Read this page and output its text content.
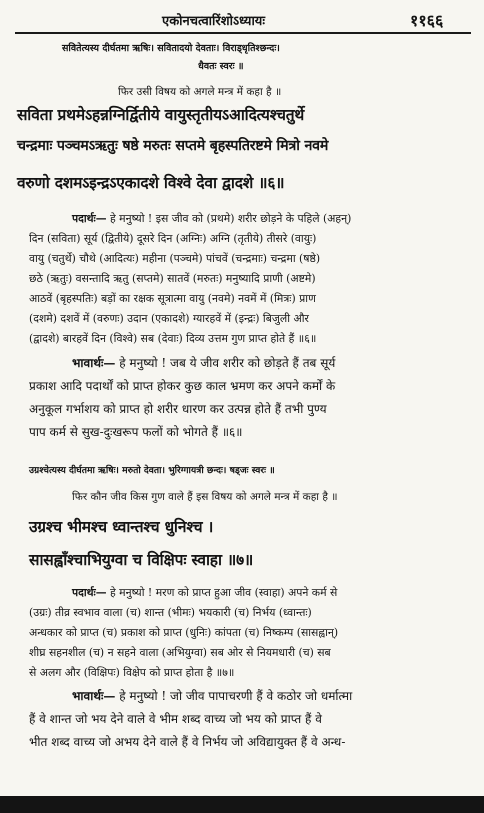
एकोनचत्वारिंशोऽध्यायः	११६६
सवितेत्यस्य दीर्घतमा ऋषिः। सवितादयो देवताः। विराड्धृतिश्छन्दः।
धैवतः स्वरः ॥
फिर उसी विषय को अगले मन्त्र में कहा है ॥
सविता प्रथमेऽहन्नग्निर्द्वितीये वायुस्तृतीयऽआदित्यश्चतुर्थे
चन्द्रमाः पञ्चमऽऋतुः षष्ठे मरुतः सप्तमे बृहस्पतिरष्टमे मित्रो नवमे
वरुणो दशमऽइन्द्रऽएकादशे विश्वे देवा द्वादशे ॥६॥
पदार्थः— हे मनुष्यो ! इस जीव को (प्रथमे) शरीर छोड़ने के पहिले (अहन्)
दिन (सविता) सूर्य (द्वितीये) दूसरे दिन (अग्निः) अग्नि (तृतीये) तीसरे (वायुः)
वायु (चतुर्थे) चौथे (आदित्यः) महीना (पञ्चमे) पांचवें (चन्द्रमाः) चन्द्रमा (षष्ठे)
छठे (ऋतुः) वसन्तादि ऋतु (सप्तमे) सातवें (मरुतः) मनुष्यादि प्राणी (अष्टमे)
आठवें (बृहस्पतिः) बड़ों का रक्षक सूत्रात्मा वायु (नवमे) नवमें में (मित्रः) प्राण
(दशमे) दशवें में (वरुणः) उदान (एकादशे) ग्यारहवें में (इन्द्रः) बिजुली और
(द्वादशे) बारहवें दिन (विश्वे) सब (देवाः) दिव्य उत्तम गुण प्राप्त होते हैं ॥६॥
भावार्थः— हे मनुष्यो ! जब ये जीव शरीर को छोड़ते हैं तब सूर्य
प्रकाश आदि पदार्थों को प्राप्त होकर कुछ काल भ्रमण कर अपने कर्मों के
अनुकूल गर्भाशय को प्राप्त हो शरीर धारण कर उत्पन्न होते हैं तभी पुण्य
पाप कर्म से सुख-दुःखरूप फलों को भोगते हैं ॥६॥
उग्रश्चेत्यस्य दीर्घतमा ऋषिः। मरुतो देवता। भुरिग्गायत्री छन्दः। षड्जः स्वरः ॥
फिर कौन जीव किस गुण वाले हैं इस विषय को अगले मन्त्र में कहा है ॥
उग्रश्च भीमश्च ध्वान्तश्च धुनिश्च ।
सासह्वाँश्चाभियुग्वा च विक्षिपः स्वाहा ॥७॥
पदार्थः— हे मनुष्यो ! मरण को प्राप्त हुआ जीव (स्वाहा) अपने कर्म से
(उग्रः) तीव्र स्वभाव वाला (च) शान्त (भीमः) भयकारी (च) निर्भय (ध्वान्तः)
अन्धकार को प्राप्त (च) प्रकाश को प्राप्त (धुनिः) कांपता (च) निष्कम्प (सासह्वान्)
शीघ्र सहनशील (च) न सहने वाला (अभियुग्वा) सब ओर से नियमधारी (च) सब
से अलग और (विक्षिपः) विक्षेप को प्राप्त होता है ॥७॥
भावार्थः— हे मनुष्यो ! जो जीव पापाचरणी हैं वे कठोर जो धर्मात्मा
हैं वे शान्त जो भय देने वाले वे भीम शब्द वाच्य जो भय को प्राप्त हैं वे
भीत शब्द वाच्य जो अभय देने वाले हैं वे निर्भय जो अविद्यायुक्त हैं वे अन्ध-
